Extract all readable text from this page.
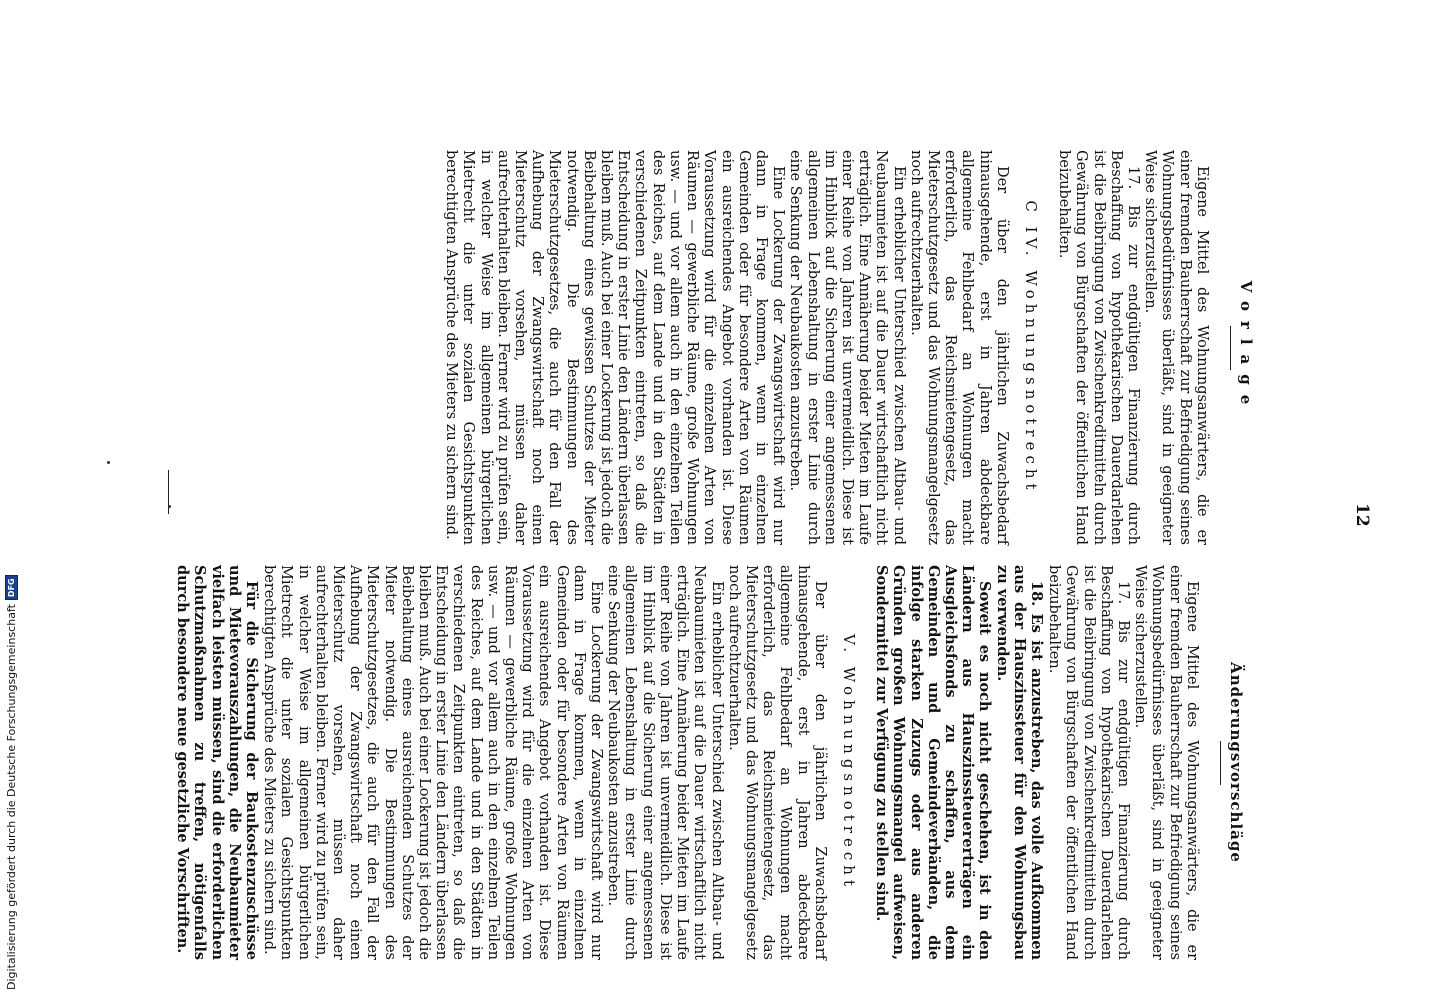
Vorlage

Eigene Mittel des Wohnungsanwärters, die er einer fremden Bauherrschaft zur Befriedigung seines Wohnungsbedürfnisses überläßt, sind in geeigneter Weise sicherzustellen.

17. Bis zur endgültigen Finanzierung durch Beschaffung von hypothekarischen Dauerdarlehen ist die Beibringung von Zwischenkreditmitteln durch Gewährung von Bürgschaften der öffentlichen Hand beizubehalten.

C IV. Wohnungsnotrecht

Der über den jährlichen Zuwachsbedarf hinausgehende, erst in Jahren abdeckbare allgemeine Fehlbedarf an Wohnungen macht erforderlich, das Reichsmietengesetz, das Mieterschutzgesetz und das Wohnungsmangelgesetz noch aufrechtzuerhalten.

Ein erheblicher Unterschied zwischen Altbau- und Neubaumieten ist auf die Dauer wirtschaftlich nicht erträglich. Eine Annäherung beider Mieten im Laufe einer Reihe von Jahren ist unvermeidlich. Diese ist im Hinblick auf die Sicherung einer angemessenen allgemeinen Lebenshaltung in erster Linie durch eine Senkung der Neubaukosten anzustreben.

Eine Lockerung der Zwangswirtschaft wird nur dann in Frage kommen, wenn in einzelnen Gemeinden oder für besondere Arten von Räumen ein ausreichendes Angebot vorhanden ist. Diese Voraussetzung wird für die einzelnen Arten von Räumen — gewerbliche Räume, große Wohnungen usw. — und vor allem auch in den einzelnen Teilen des Reiches, auf dem Lande und in den Städten in verschiedenen Zeitpunkten eintreten, so daß die Entscheidung in erster Linie den Ländern überlassen bleiben muß. Auch bei einer Lockerung ist jedoch die Beibehaltung eines gewissen Schutzes der Mieter notwendig. Die Bestimmungen des Mieterschutzgesetzes, die auch für den Fall der Aufhebung der Zwangswirtschaft noch einen Mieterschutz vorsehen, müssen daher aufrechterhalten bleiben. Ferner wird zu prüfen sein, in welcher Weise im allgemeinen bürgerlichen Mietrecht die unter sozialen Gesichtspunkten berechtigten Ansprüche des Mieters zu sichern sind.

Änderungsvorschläge

Eigene Mittel des Wohnungsanwärters, die er einer fremden Bauherrschaft zur Befriedigung seines Wohnungsbedürfnisses überläßt, sind in geeigneter Weise sicherzustellen.

17. Bis zur endgültigen Finanzierung durch Beschaffung von hypothekarischen Dauerdarlehen ist die Beibringung von Zwischenkreditmitteln durch Gewährung von Bürgschaften der öffentlichen Hand beizubehalten.

18. Es ist anzustreben, das volle Aufkommen aus der Hauszinssteuer für den Wohnungsbau zu verwenden.

Soweit es noch nicht geschehen, ist in den Ländern aus Hauszinssteuererträgen ein Ausgleichsfonds zu schaffen, aus dem Gemeinden und Gemeindeverbänden, die infolge starken Zuzugs oder aus anderen Gründen großen Wohnungsmangel aufweisen, Sondermittel zur Verfügung zu stellen sind.

V. Wohnungsnotrecht

Der über den jährlichen Zuwachsbedarf hinausgehende, erst in Jahren abdeckbare allgemeine Fehlbedarf an Wohnungen macht erforderlich, das Reichsmietengesetz, das Mieterschutzgesetz und das Wohnungsmangelgesetz noch aufrechtzuerhalten.

Ein erheblicher Unterschied zwischen Altbau- und Neubaumieten ist auf die Dauer wirtschaftlich nicht erträglich. Eine Annäherung beider Mieten im Laufe einer Reihe von Jahren ist unvermeidlich. Diese ist im Hinblick auf die Sicherung einer angemessenen allgemeinen Lebenshaltung in erster Linie durch eine Senkung der Neubaukosten anzustreben.

Eine Lockerung der Zwangswirtschaft wird nur dann in Frage kommen, wenn in einzelnen Gemeinden oder für besondere Arten von Räumen ein ausreichendes Angebot vorhanden ist. Diese Voraussetzung wird für die einzelnen Arten von Räumen — gewerbliche Räume, große Wohnungen usw. — und vor allem auch in den einzelnen Teilen des Reiches, auf dem Lande und in den Städten in verschiedenen Zeitpunkten eintreten, so daß die Entscheidung in erster Linie den Ländern überlassen bleiben muß. Auch bei einer Lockerung ist jedoch die Beibehaltung eines ausreichenden Schutzes der Mieter notwendig. Die Bestimmungen des Mieterschutzgesetzes, die auch für den Fall der Aufhebung der Zwangswirtschaft noch einen Mieterschutz vorsehen, müssen daher aufrechterhalten bleiben. Ferner wird zu prüfen sein, in welcher Weise im allgemeinen bürgerlichen Mietrecht die unter sozialen Gesichtspunkten berechtigten Ansprüche des Mieters zu sichern sind.

Für die Sicherung der Baukostenzuschüsse und Mietevorauszahlungen, die Neubaumieter vielfach leisten müssen, sind die erforderlichen Schutzmaßnahmen zu treffen, nötigenfalls durch besondere neue gesetzliche Vorschriften.

12
Digitalisierung gefördert durch die Deutsche Forschungsgemeinschaft
DFG
